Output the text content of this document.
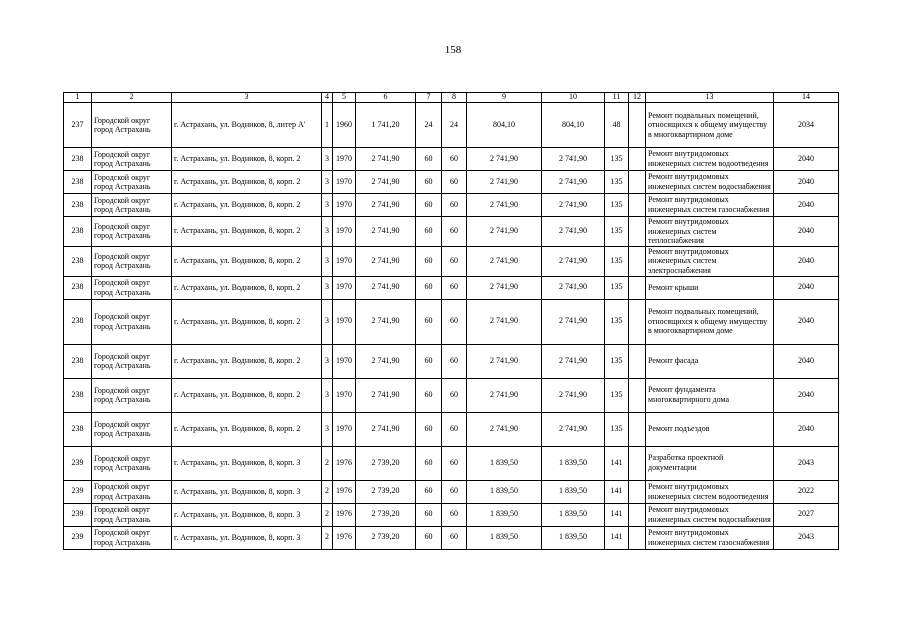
158
1	2	3	4	5	6	7	8	9	10	11	12	13	14
237	Городской округ город Астрахань	г. Астрахань, ул. Водников, 8, литер А'	1	1960	1 741,20	24	24	804,10	804,10	48		Ремонт подвальных помещений, относящихся к общему имуществу в многоквартирном доме	2034
238	Городской округ город Астрахань	г. Астрахань, ул. Водников, 8, корп. 2	3	1970	2 741,90	60	60	2 741,90	2 741,90	135		Ремонт внутридомовых инженерных систем водоотведения	2040
238	Городской округ город Астрахань	г. Астрахань, ул. Водников, 8, корп. 2	3	1970	2 741,90	60	60	2 741,90	2 741,90	135		Ремонт внутридомовых инженерных систем водоснабжения	2040
238	Городской округ город Астрахань	г. Астрахань, ул. Водников, 8, корп. 2	3	1970	2 741,90	60	60	2 741,90	2 741,90	135		Ремонт внутридомовых инженерных систем газоснабжения	2040
238	Городской округ город Астрахань	г. Астрахань, ул. Водников, 8, корп. 2	3	1970	2 741,90	60	60	2 741,90	2 741,90	135		Ремонт внутридомовых инженерных систем теплоснабжения	2040
238	Городской округ город Астрахань	г. Астрахань, ул. Водников, 8, корп. 2	3	1970	2 741,90	60	60	2 741,90	2 741,90	135		Ремонт внутридомовых инженерных систем электроснабжения	2040
238	Городской округ город Астрахань	г. Астрахань, ул. Водников, 8, корп. 2	3	1970	2 741,90	60	60	2 741,90	2 741,90	135		Ремонт крыши	2040
238	Городской округ город Астрахань	г. Астрахань, ул. Водников, 8, корп. 2	3	1970	2 741,90	60	60	2 741,90	2 741,90	135		Ремонт подвальных помещений, относящихся к общему имуществу в многоквартирном доме	2040
238	Городской округ город Астрахань	г. Астрахань, ул. Водников, 8, корп. 2	3	1970	2 741,90	60	60	2 741,90	2 741,90	135		Ремонт фасада	2040
238	Городской округ город Астрахань	г. Астрахань, ул. Водников, 8, корп. 2	3	1970	2 741,90	60	60	2 741,90	2 741,90	135		Ремонт фундамента многоквартирного дома	2040
238	Городской округ город Астрахань	г. Астрахань, ул. Водников, 8, корп. 2	3	1970	2 741,90	60	60	2 741,90	2 741,90	135		Ремонт подъездов	2040
239	Городской округ город Астрахань	г. Астрахань, ул. Водников, 8, корп. 3	2	1976	2 739,20	60	60	1 839,50	1 839,50	141		Разработка проектной документации	2043
239	Городской округ город Астрахань	г. Астрахань, ул. Водников, 8, корп. 3	2	1976	2 739,20	60	60	1 839,50	1 839,50	141		Ремонт внутридомовых инженерных систем водоотведения	2022
239	Городской округ город Астрахань	г. Астрахань, ул. Водников, 8, корп. 3	2	1976	2 739,20	60	60	1 839,50	1 839,50	141		Ремонт внутридомовых инженерных систем водоснабжения	2027
239	Городской округ город Астрахань	г. Астрахань, ул. Водников, 8, корп. 3	2	1976	2 739,20	60	60	1 839,50	1 839,50	141		Ремонт внутридомовых инженерных систем газоснабжения	2043
